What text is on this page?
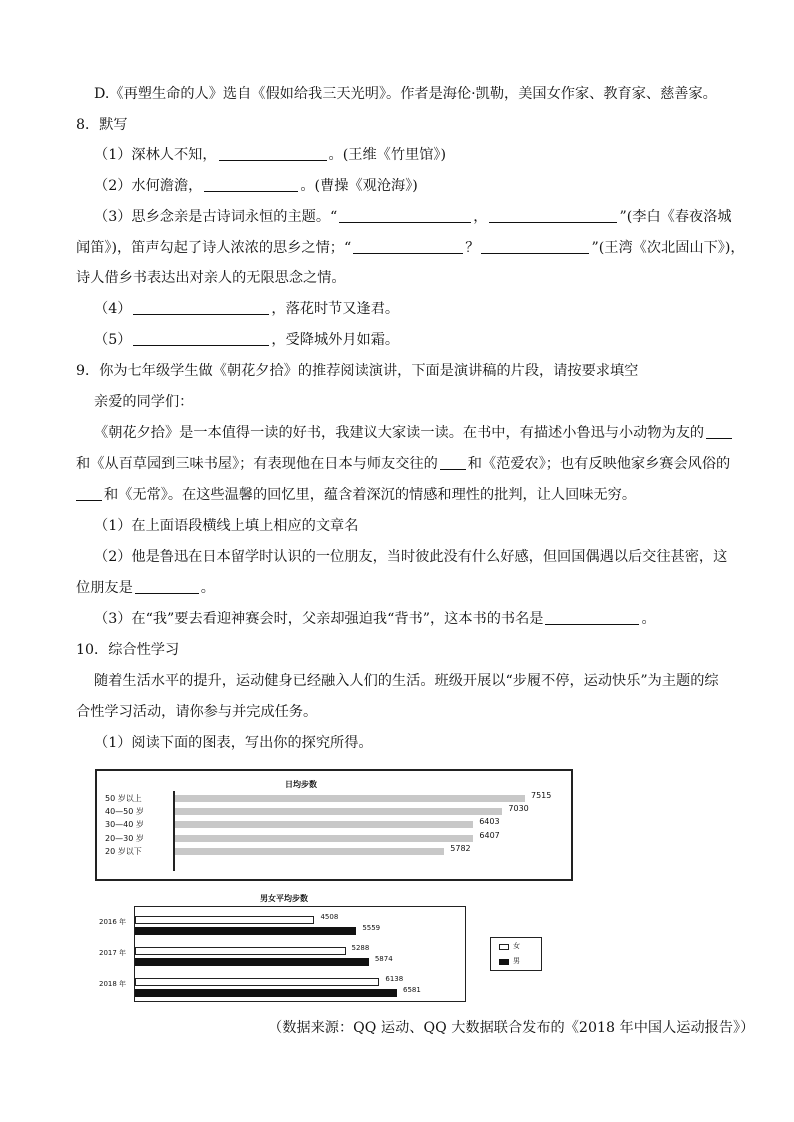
D.《再塑生命的人》选自《假如给我三天光明》。作者是海伦·凯勒，美国女作家、教育家、慈善家。
8．默写
（1）深林人不知，	。(王维《竹里馆》)
（2）水何澹澹，	。(曹操《观沧海》)
（3）思乡念亲是古诗词永恒的主题。“	，	”(李白《春夜洛城
闻笛》)，笛声勾起了诗人浓浓的思乡之情；“	？	”(王湾《次北固山下》)，
诗人借乡书表达出对亲人的无限思念之情。
（4）	，落花时节又逢君。
（5）	，受降城外月如霜。
9．你为七年级学生做《朝花夕拾》的推荐阅读演讲，下面是演讲稿的片段，请按要求填空
亲爱的同学们：
《朝花夕拾》是一本值得一读的好书，我建议大家读一读。在书中，有描述小鲁迅与小动物为友的
和《从百草园到三味书屋》；有表现他在日本与师友交往的 和《范爱农》；也有反映他家乡赛会风俗的
和《无常》。在这些温馨的回忆里，蕴含着深沉的情感和理性的批判，让人回味无穷。
（1）在上面语段横线上填上相应的文章名
（2）他是鲁迅在日本留学时认识的一位朋友，当时彼此没有什么好感，但回国偶遇以后交往甚密，这
位朋友是	。
（3）在“我”要去看迎神赛会时，父亲却强迫我“背书”，这本书的书名是	。
10．综合性学习
随着生活水平的提升，运动健身已经融入人们的生活。班级开展以“步履不停，运动快乐”为主题的综
合性学习活动，请你参与并完成任务。
（1）阅读下面的图表，写出你的探究所得。
日均步数
50 岁以上	7515
40—50 岁	7030
30—40 岁	6403
20—30 岁	6407
20 岁以下	5782
男女平均步数
2016 年
4508
5559
2017 年
5288
5874
2018 年
6138
6581
女
男
（数据来源：QQ 运动、QQ 大数据联合发布的《2018 年中国人运动报告》）
